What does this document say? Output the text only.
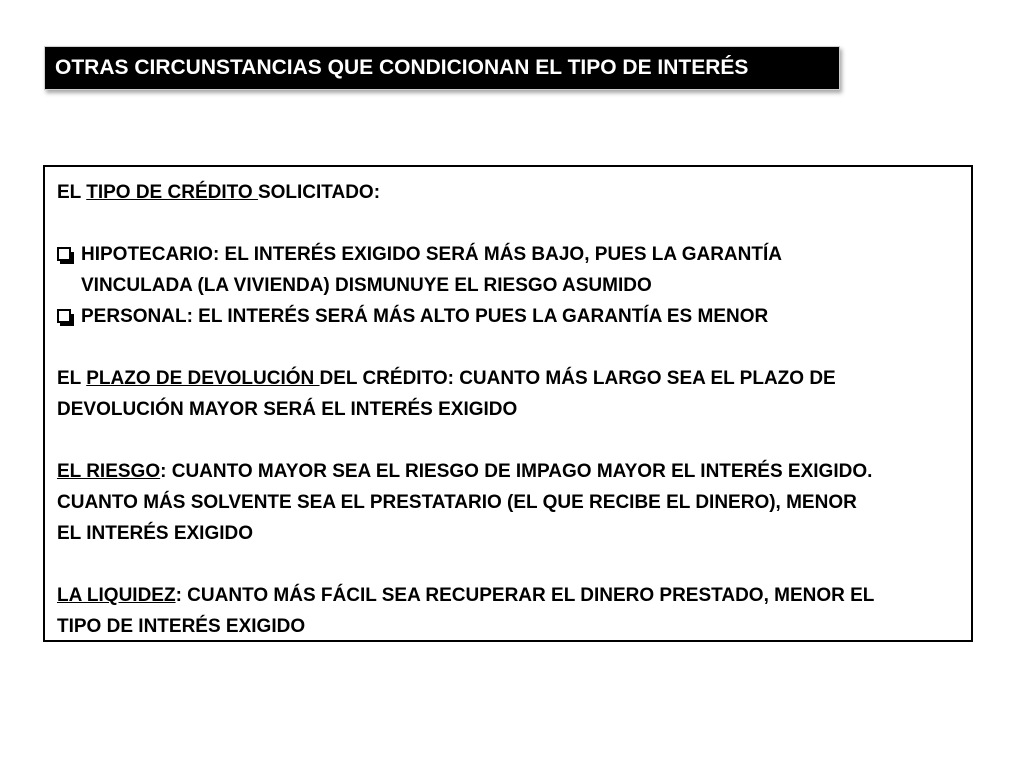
OTRAS CIRCUNSTANCIAS QUE CONDICIONAN EL TIPO DE INTERÉS

EL TIPO DE CRÉDITO SOLICITADO:

HIPOTECARIO: EL INTERÉS EXIGIDO SERÁ MÁS BAJO, PUES LA GARANTÍA

VINCULADA (LA VIVIENDA) DISMUNUYE EL RIESGO ASUMIDO

PERSONAL: EL INTERÉS SERÁ MÁS ALTO PUES LA GARANTÍA ES MENOR

EL PLAZO DE DEVOLUCIÓN DEL CRÉDITO: CUANTO MÁS LARGO SEA EL PLAZO DE

DEVOLUCIÓN MAYOR SERÁ EL INTERÉS EXIGIDO

EL RIESGO: CUANTO MAYOR SEA EL RIESGO DE IMPAGO MAYOR EL INTERÉS EXIGIDO.

CUANTO MÁS SOLVENTE SEA EL PRESTATARIO (EL QUE RECIBE EL DINERO), MENOR

EL INTERÉS EXIGIDO

LA LIQUIDEZ: CUANTO MÁS FÁCIL SEA RECUPERAR EL DINERO PRESTADO, MENOR EL

TIPO DE INTERÉS EXIGIDO
